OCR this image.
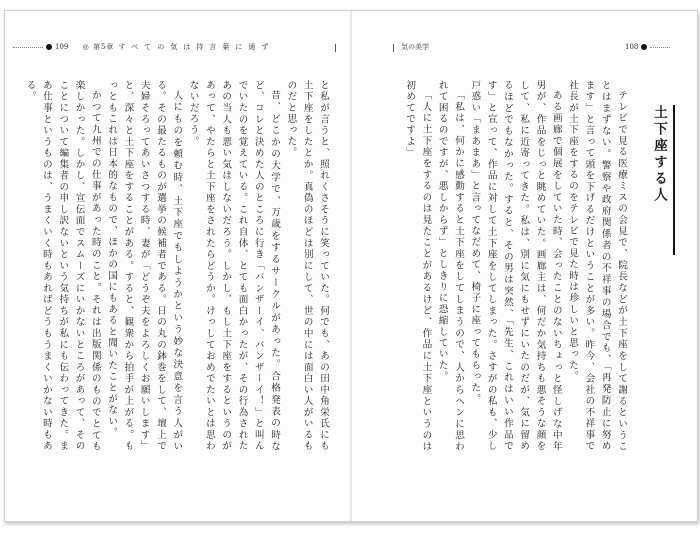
109 ◎ 第5章 すべての気は持言葉に通ず	気の美学	108
土下座する人

テレビで見る医療ミスの会見で、院長などが土下座をして謝るということはまずない。警察や政府関係者の不祥事の場合でも、「再発防止に努めます」と言って頭を下げるだけということが多い。昨今、会社の不祥事で社長が土下座をするのをテレビで見た時は珍しいと思った。

ある画廊で個展をしていた時、会ったことのないちょっと怪しげな中年男が、作品をじっと眺めていた。画廊主は、何だか気持ちも悪そうな顔をして、私に近寄ってきた。私は、別に気にもせずにいたのだが、気に留めるほどでもなかった。すると、その男は突然、「先生、これはいい作品です」と宣って、作品に対して土下座をしてしまった。さすがの私も、少し戸惑い「まあまあ」と言ってなだめて、椅子に座ってもらった。

「私は、何かに感動すると土下座をしてしまうので、人からヘンに思われて困るのですが、悪しからず」としきりに恐縮していた。

「人に土下座をするのは見たことがあるけど、作品に土下座というのは初めてですよ」

と私が言うと、照れくさそうに笑っていた。何でも、あの田中角栄氏にも土下座をしたとか。真偽のほどは別にして、世の中には面白い人がいるものだと思った。

昔、どこかの大学で、万歳をするサークルがあった。合格発表の時など、コレと決めた人のところに行き「バンザーイ、バンザーイ！」と叫んでいたのを覚えている。これ自体、とても面白かったが、その行為されたあの当人も悪い気はしないだろう。しかし、もし土下座をするというのがあって、やたらと土下座をされたらどうか。けっしておめでたいとは思わないだろう。

人にものを頼む時、土下座でもしようかという妙な決意を言う人がいる。その最たるものが選挙の候補者である。日の丸の鉢巻をして、壇上で夫婦そろってあいさつする時、妻が「どうぞ夫をよろしくお願いします」と、深々と土下座をすることがある。すると、観衆から拍手が上がる。もっともこれは日本的なもので、ほかの国にもあると聞いたことがない。

かつて九州での仕事があった時のこと。それは出版関係のものでとても楽しかった。しかし、宣伝面でスムーズにいかないところがあって、そのことについて編集者の申し訳ないという気持ちが私にも伝わってきた。まあ仕事というものは、うまくいく時もあればどうもうまくいかない時もある。
